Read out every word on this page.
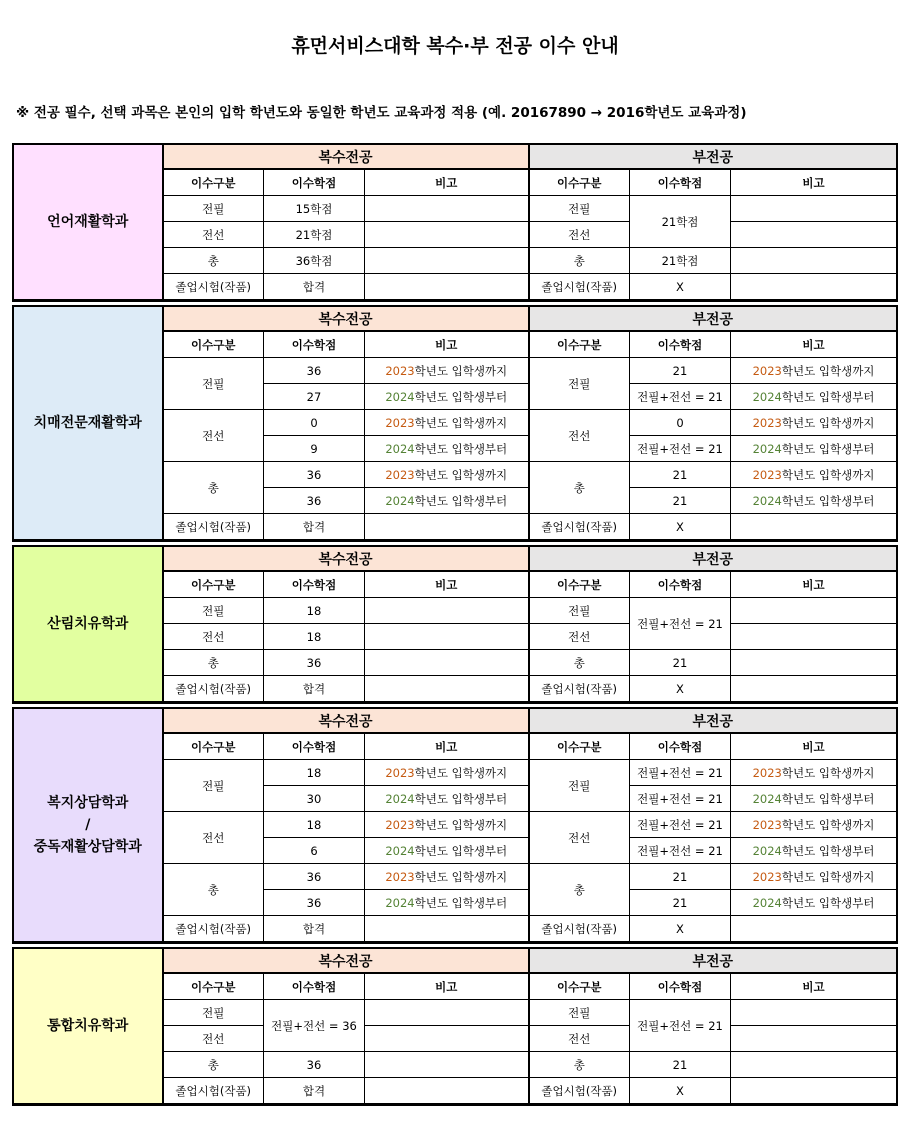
휴먼서비스대학 복수·부 전공 이수 안내
※ 전공 필수, 선택 과목은 본인의 입학 학년도와 동일한 학년도 교육과정 적용 (예. 20167890 → 2016학년도 교육과정)
언어재활학과	복수전공			부전공		
	이수구분	이수학점	비고	이수구분	이수학점	비고
	전필	15학점		전필	21학점	
	전선	21학점		전선		
	총	36학점		총	21학점	
	졸업시험(작품)	합격		졸업시험(작품)	X	
치매전문재활학과	복수전공			부전공		
	이수구분	이수학점	비고	이수구분	이수학점	비고
	전필	36	2023학년도 입학생까지	전필	21	2023학년도 입학생까지
		27	2024학년도 입학생부터		전필+전선 = 21	2024학년도 입학생부터
	전선	0	2023학년도 입학생까지	전선	0	2023학년도 입학생까지
		9	2024학년도 입학생부터		전필+전선 = 21	2024학년도 입학생부터
	총	36	2023학년도 입학생까지	총	21	2023학년도 입학생까지
		36	2024학년도 입학생부터		21	2024학년도 입학생부터
	졸업시험(작품)	합격		졸업시험(작품)	X	
산림치유학과	복수전공			부전공		
	이수구분	이수학점	비고	이수구분	이수학점	비고
	전필	18		전필	전필+전선 = 21	
	전선	18		전선		
	총	36		총	21	
	졸업시험(작품)	합격		졸업시험(작품)	X	
복지상담학과
/
중독재활상담학과	복수전공			부전공		
	이수구분	이수학점	비고	이수구분	이수학점	비고
	전필	18	2023학년도 입학생까지	전필	전필+전선 = 21	2023학년도 입학생까지
		30	2024학년도 입학생부터		전필+전선 = 21	2024학년도 입학생부터
	전선	18	2023학년도 입학생까지	전선	전필+전선 = 21	2023학년도 입학생까지
		6	2024학년도 입학생부터		전필+전선 = 21	2024학년도 입학생부터
	총	36	2023학년도 입학생까지	총	21	2023학년도 입학생까지
		36	2024학년도 입학생부터		21	2024학년도 입학생부터
	졸업시험(작품)	합격		졸업시험(작품)	X	
통합치유학과	복수전공			부전공		
	이수구분	이수학점	비고	이수구분	이수학점	비고
	전필	전필+전선 = 36		전필	전필+전선 = 21	
	전선			전선		
	총	36		총	21	
	졸업시험(작품)	합격		졸업시험(작품)	X	
